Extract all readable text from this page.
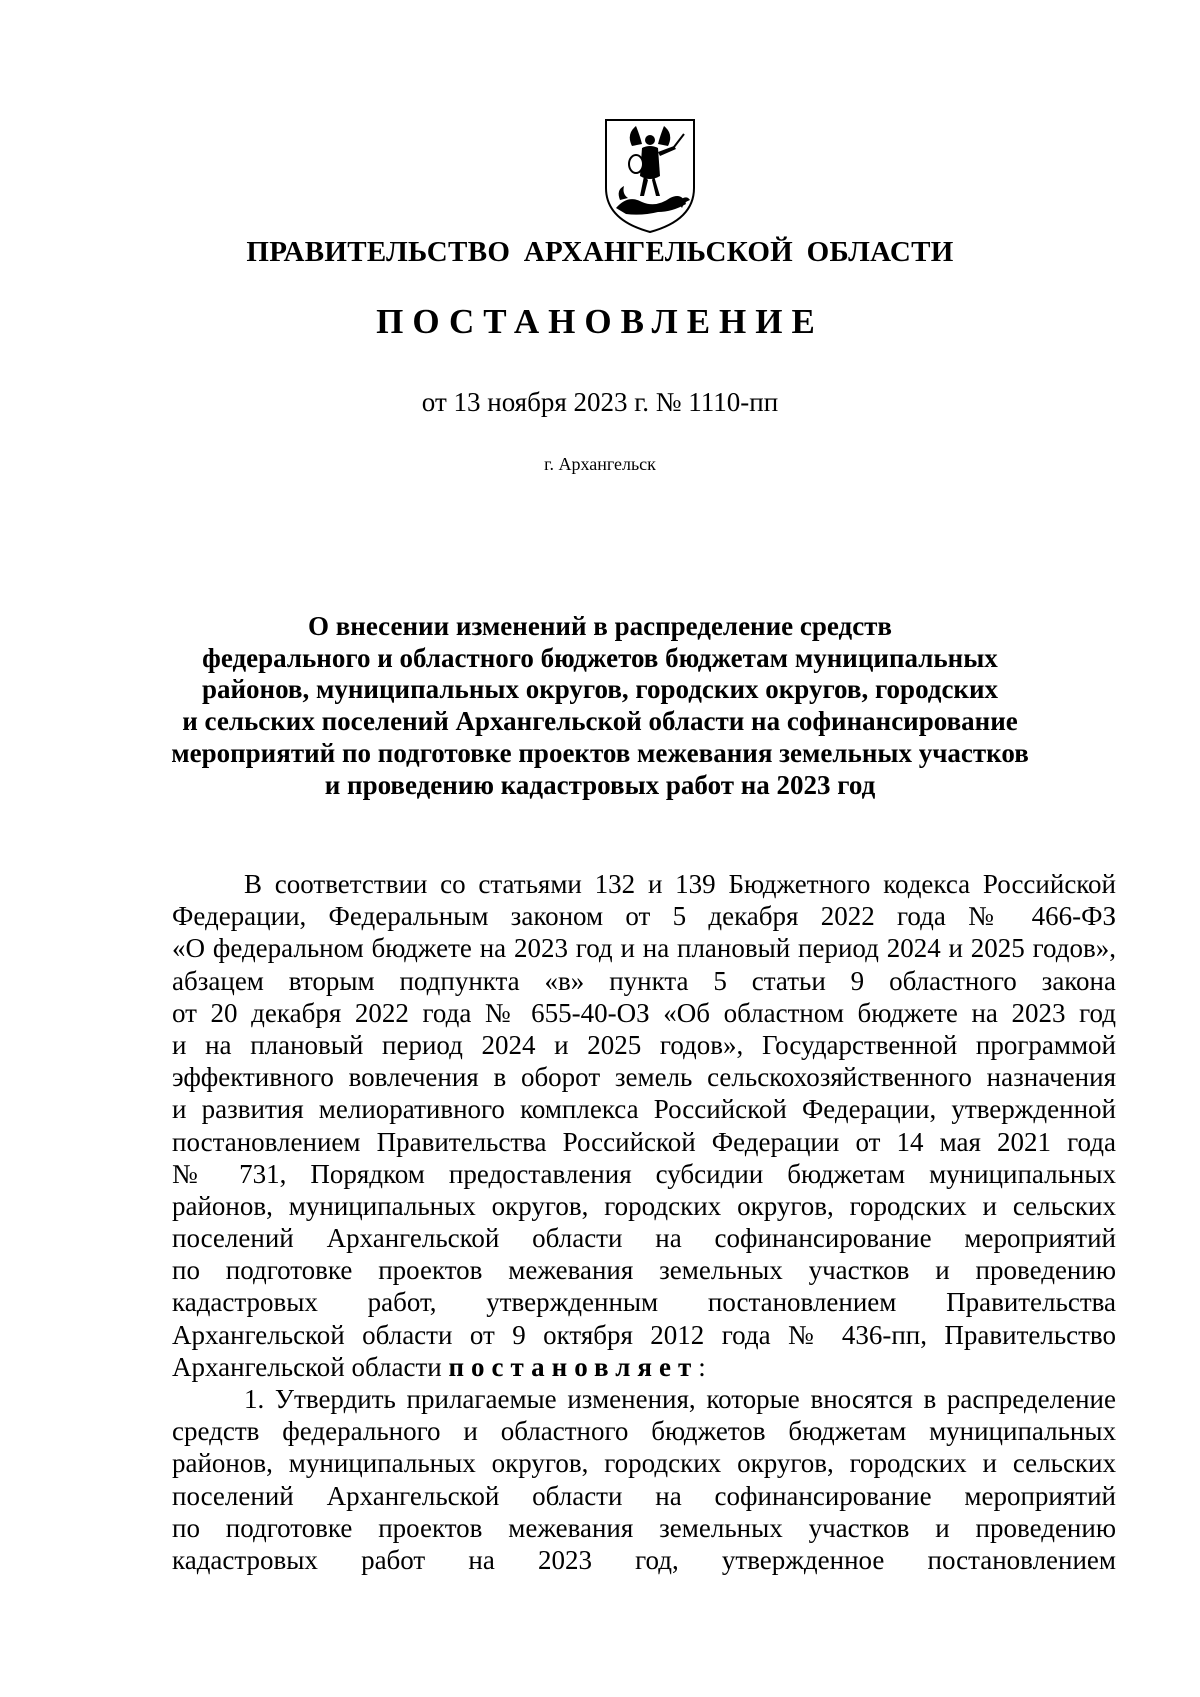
ПРАВИТЕЛЬСТВО АРХАНГЕЛЬСКОЙ ОБЛАСТИ
ПОСТАНОВЛЕНИЕ
от 13 ноября 2023 г. № 1110-пп
г. Архангельск
О внесении изменений в распределение средств
федерального и областного бюджетов бюджетам муниципальных
районов, муниципальных округов, городских округов, городских
и сельских поселений Архангельской области на софинансирование
мероприятий по подготовке проектов межевания земельных участков
и проведению кадастровых работ на 2023 год
В соответствии со статьями 132 и 139 Бюджетного кодекса Российской
Федерации, Федеральным законом от 5 декабря 2022 года № 466-ФЗ
«О федеральном бюджете на 2023 год и на плановый период 2024 и 2025 годов»,
абзацем вторым подпункта «в» пункта 5 статьи 9 областного закона
от 20 декабря 2022 года № 655-40-ОЗ «Об областном бюджете на 2023 год
и на плановый период 2024 и 2025 годов», Государственной программой
эффективного вовлечения в оборот земель сельскохозяйственного назначения
и развития мелиоративного комплекса Российской Федерации, утвержденной
постановлением Правительства Российской Федерации от 14 мая 2021 года
№ 731, Порядком предоставления субсидии бюджетам муниципальных
районов, муниципальных округов, городских округов, городских и сельских
поселений Архангельской области на софинансирование мероприятий
по подготовке проектов межевания земельных участков и проведению
кадастровых работ, утвержденным постановлением Правительства
Архангельской области от 9 октября 2012 года № 436-пп, Правительство
Архангельской области постановляет:
1. Утвердить прилагаемые изменения, которые вносятся в распределение
средств федерального и областного бюджетов бюджетам муниципальных
районов, муниципальных округов, городских округов, городских и сельских
поселений Архангельской области на софинансирование мероприятий
по подготовке проектов межевания земельных участков и проведению
кадастровых работ на 2023 год, утвержденное постановлением
